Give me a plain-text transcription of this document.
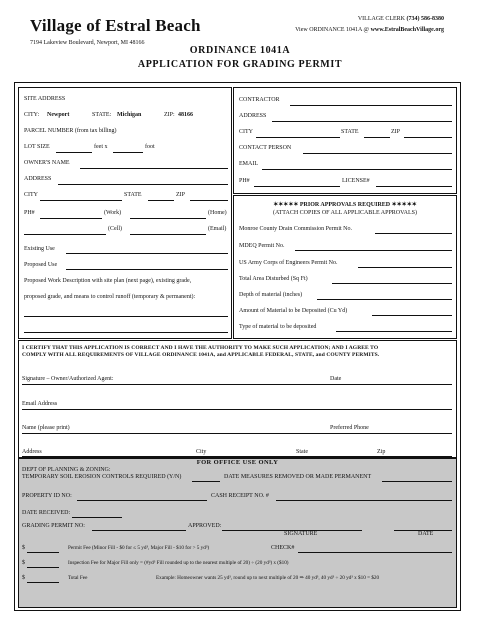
Village of Estral Beach
7194 Lakeview Boulevard, Newport, MI 48166
VILLAGE CLERK (734) 586-8380
View ORDINANCE 1041A @ www.EstralBeachVillage.org
ORDINANCE 1041A
APPLICATION FOR GRADING PERMIT
SITE ADDRESS
CITY: Newport	STATE: Michigan	ZIP: 48166
PARCEL NUMBER (from tax billing)
LOT SIZE	feet x	foot
OWNER'S NAME
ADDRESS
CITY	STATE	ZIP
PH#	(Work)	(Home)
(Cell)	(Email)
Existing Use
Proposed Use
Proposed Work Description with site plan (next page), existing grade,
proposed grade, and means to control runoff (temporary & permanent):
CONTRACTOR
ADDRESS
CITY	STATE	ZIP
CONTACT PERSON
EMAIL
PH#	LICENSE#
✶✶✶✶✶ PRIOR APPROVALS REQUIRED ✶✶✶✶✶
(ATTACH COPIES OF ALL APPLICABLE APPROVALS)
Monroe County Drain Commission Permit No.
MDEQ Permit No.
US Army Corps of Engineers Permit No.
Total Area Disturbed (Sq Ft)
Depth of material (inches)
Amount of Material to be Deposited (Cu Yd)
Type of material to be deposited
I CERTIFY THAT THIS APPLICATION IS CORRECT AND I HAVE THE AUTHORITY TO MAKE SUCH APPLICATION; AND I AGREE TO
COMPLY WITH ALL REQUIREMENTS OF VILLAGE ORDINANCE 1041A, and APPLICABLE FEDERAL, STATE, and COUNTY PERMITS.
Signature – Owner/Authorized Agent:	Date
Email Address
Name (please print)	Preferred Phone
Address	City	State	Zip
FOR OFFICE USE ONLY
DEPT OF PLANNING & ZONING:
TEMPORARY SOIL EROSION CONTROLS REQUIRED (Y/N)	DATE MEASURES REMOVED OR MADE PERMANENT
PROPERTY ID NO:	CASH RECEIPT NO. #
DATE RECEIVED:
GRADING PERMIT NO:	APPROVED:
SIGNATURE	DATE
$	Permit Fee (Minor Fill - $0 for ≤ 5 yd³, Major Fill - $10 for > 5 yd³)	CHECK#
$	Inspection Fee for Major Fill only = (#yd³ Fill rounded up to the nearest multiple of 20) ÷ (20 yd³) x ($10)
$	Total Fee	Example: Homeowner wants 25 yd³, round up to next multiple of 20 ⇒ 40 yd³, 40 yd³ ÷ 20 yd³ x $10 = $20
